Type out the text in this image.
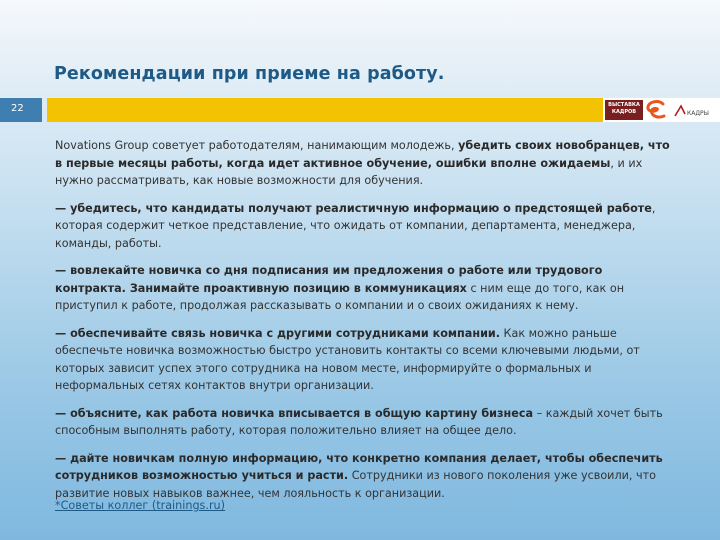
Рекомендации при приеме на работу.
22	ВЫСТАВКА КАДРОВ	КАДРЫ

Novations Group советует работодателям, нанимающим молодежь, убедить своих новобранцев, что в первые месяцы работы, когда идет активное обучение, ошибки вполне ожидаемы, и их нужно рассматривать, как новые возможности для обучения.

— убедитесь, что кандидаты получают реалистичную информацию о предстоящей работе, которая содержит четкое представление, что ожидать от компании, департамента, менеджера, команды, работы.

— вовлекайте новичка со дня подписания им предложения о работе или трудового контракта. Занимайте проактивную позицию в коммуникациях с ним еще до того, как он приступил к работе, продолжая рассказывать о компании и о своих ожиданиях к нему.

— обеспечивайте связь новичка с другими сотрудниками компании. Как можно раньше обеспечьте новичка возможностью быстро установить контакты со всеми ключевыми людьми, от которых зависит успех этого сотрудника на новом месте, информируйте о формальных и неформальных сетях контактов внутри организации.

— объясните, как работа новичка вписывается в общую картину бизнеса – каждый хочет быть способным выполнять работу, которая положительно влияет на общее дело.

— дайте новичкам полную информацию, что конкретно компания делает, чтобы обеспечить сотрудников возможностью учиться и расти. Сотрудники из нового поколения уже усвоили, что развитие новых навыков важнее, чем лояльность к организации.

*Советы коллег (trainings.ru)
